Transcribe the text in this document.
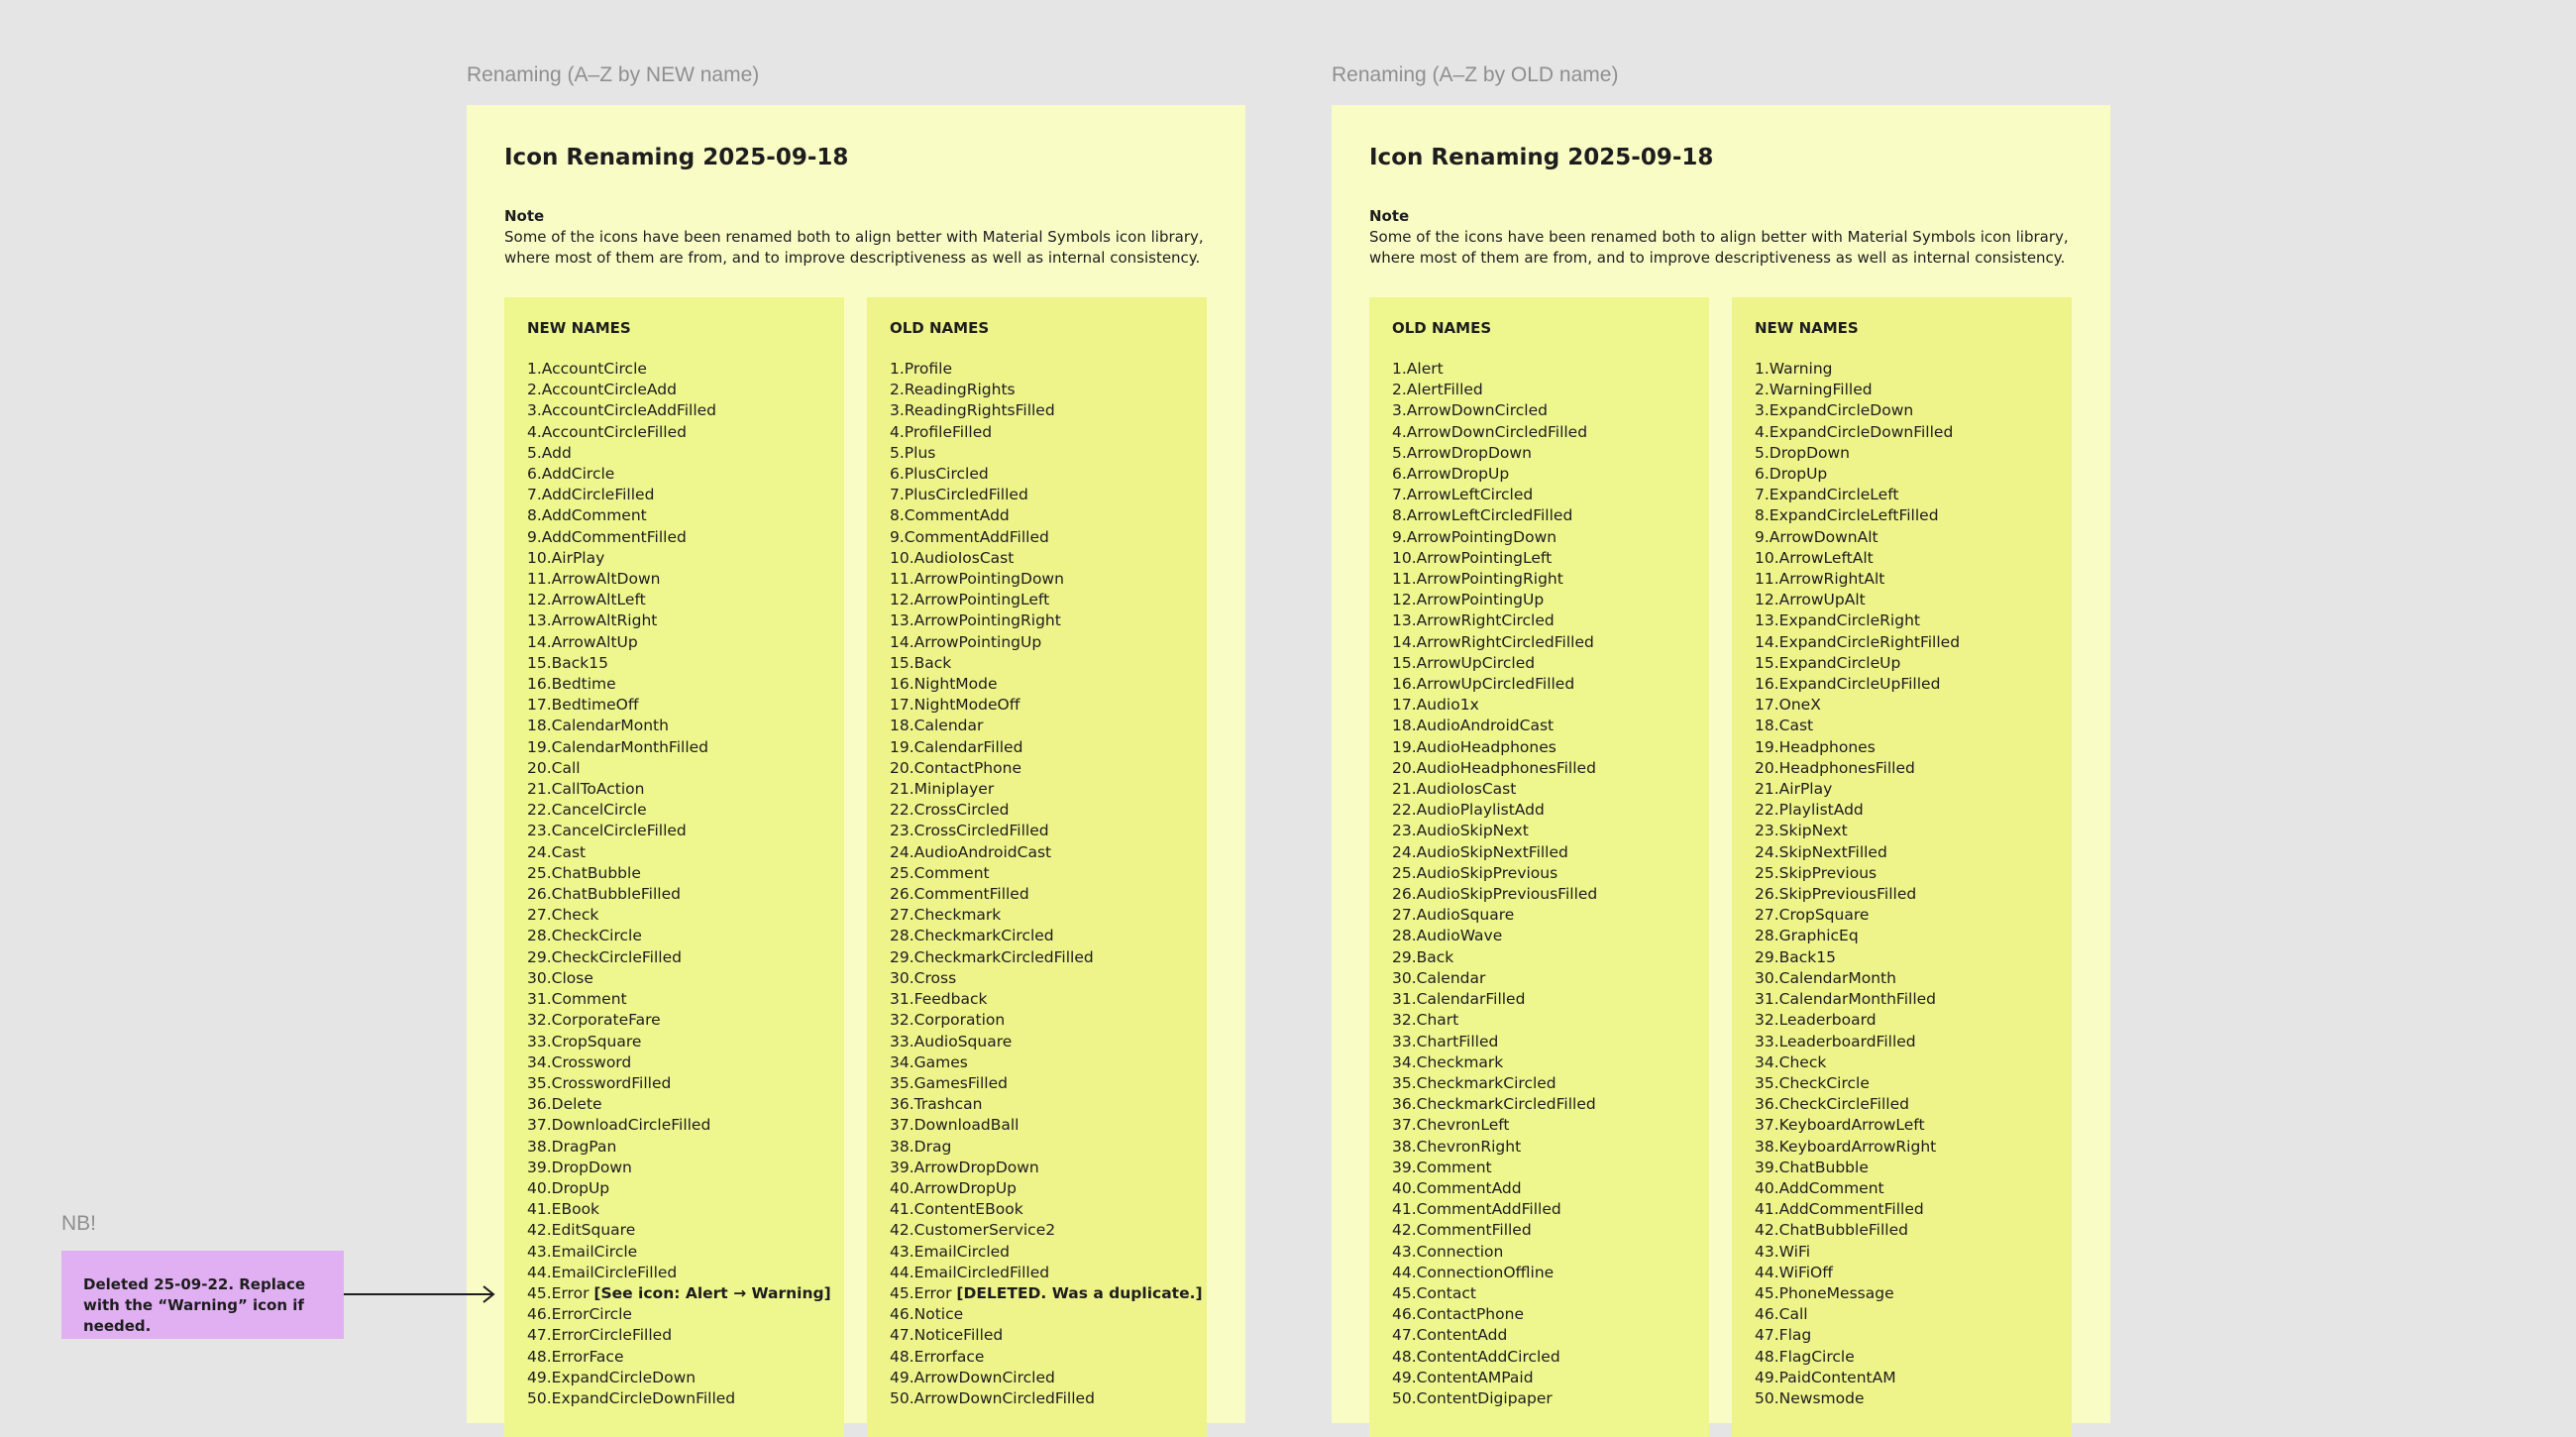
Renaming (A–Z by NEW name)
Icon Renaming 2025-09-18
Note
Some of the icons have been renamed both to align better with Material Symbols icon library, where most of them are from, and to improve descriptiveness as well as internal consistency.
NEW NAMES
1.AccountCircle
2.AccountCircleAdd
3.AccountCircleAddFilled
4.AccountCircleFilled
5.Add
6.AddCircle
7.AddCircleFilled
8.AddComment
9.AddCommentFilled
10.AirPlay
11.ArrowAltDown
12.ArrowAltLeft
13.ArrowAltRight
14.ArrowAltUp
15.Back15
16.Bedtime
17.BedtimeOff
18.CalendarMonth
19.CalendarMonthFilled
20.Call
21.CallToAction
22.CancelCircle
23.CancelCircleFilled
24.Cast
25.ChatBubble
26.ChatBubbleFilled
27.Check
28.CheckCircle
29.CheckCircleFilled
30.Close
31.Comment
32.CorporateFare
33.CropSquare
34.Crossword
35.CrosswordFilled
36.Delete
37.DownloadCircleFilled
38.DragPan
39.DropDown
40.DropUp
41.EBook
42.EditSquare
43.EmailCircle
44.EmailCircleFilled
45.Error [See icon: Alert → Warning]
46.ErrorCircle
47.ErrorCircleFilled
48.ErrorFace
49.ExpandCircleDown
50.ExpandCircleDownFilled
OLD NAMES
1.Profile
2.ReadingRights
3.ReadingRightsFilled
4.ProfileFilled
5.Plus
6.PlusCircled
7.PlusCircledFilled
8.CommentAdd
9.CommentAddFilled
10.AudioIosCast
11.ArrowPointingDown
12.ArrowPointingLeft
13.ArrowPointingRight
14.ArrowPointingUp
15.Back
16.NightMode
17.NightModeOff
18.Calendar
19.CalendarFilled
20.ContactPhone
21.Miniplayer
22.CrossCircled
23.CrossCircledFilled
24.AudioAndroidCast
25.Comment
26.CommentFilled
27.Checkmark
28.CheckmarkCircled
29.CheckmarkCircledFilled
30.Cross
31.Feedback
32.Corporation
33.AudioSquare
34.Games
35.GamesFilled
36.Trashcan
37.DownloadBall
38.Drag
39.ArrowDropDown
40.ArrowDropUp
41.ContentEBook
42.CustomerService2
43.EmailCircled
44.EmailCircledFilled
45.Error [DELETED. Was a duplicate.]
46.Notice
47.NoticeFilled
48.Errorface
49.ArrowDownCircled
50.ArrowDownCircledFilled
Renaming (A–Z by OLD name)
Icon Renaming 2025-09-18
Note
Some of the icons have been renamed both to align better with Material Symbols icon library, where most of them are from, and to improve descriptiveness as well as internal consistency.
OLD NAMES
1.Alert
2.AlertFilled
3.ArrowDownCircled
4.ArrowDownCircledFilled
5.ArrowDropDown
6.ArrowDropUp
7.ArrowLeftCircled
8.ArrowLeftCircledFilled
9.ArrowPointingDown
10.ArrowPointingLeft
11.ArrowPointingRight
12.ArrowPointingUp
13.ArrowRightCircled
14.ArrowRightCircledFilled
15.ArrowUpCircled
16.ArrowUpCircledFilled
17.Audio1x
18.AudioAndroidCast
19.AudioHeadphones
20.AudioHeadphonesFilled
21.AudioIosCast
22.AudioPlaylistAdd
23.AudioSkipNext
24.AudioSkipNextFilled
25.AudioSkipPrevious
26.AudioSkipPreviousFilled
27.AudioSquare
28.AudioWave
29.Back
30.Calendar
31.CalendarFilled
32.Chart
33.ChartFilled
34.Checkmark
35.CheckmarkCircled
36.CheckmarkCircledFilled
37.ChevronLeft
38.ChevronRight
39.Comment
40.CommentAdd
41.CommentAddFilled
42.CommentFilled
43.Connection
44.ConnectionOffline
45.Contact
46.ContactPhone
47.ContentAdd
48.ContentAddCircled
49.ContentAMPaid
50.ContentDigipaper
NEW NAMES
1.Warning
2.WarningFilled
3.ExpandCircleDown
4.ExpandCircleDownFilled
5.DropDown
6.DropUp
7.ExpandCircleLeft
8.ExpandCircleLeftFilled
9.ArrowDownAlt
10.ArrowLeftAlt
11.ArrowRightAlt
12.ArrowUpAlt
13.ExpandCircleRight
14.ExpandCircleRightFilled
15.ExpandCircleUp
16.ExpandCircleUpFilled
17.OneX
18.Cast
19.Headphones
20.HeadphonesFilled
21.AirPlay
22.PlaylistAdd
23.SkipNext
24.SkipNextFilled
25.SkipPrevious
26.SkipPreviousFilled
27.CropSquare
28.GraphicEq
29.Back15
30.CalendarMonth
31.CalendarMonthFilled
32.Leaderboard
33.LeaderboardFilled
34.Check
35.CheckCircle
36.CheckCircleFilled
37.KeyboardArrowLeft
38.KeyboardArrowRight
39.ChatBubble
40.AddComment
41.AddCommentFilled
42.ChatBubbleFilled
43.WiFi
44.WiFiOff
45.PhoneMessage
46.Call
47.Flag
48.FlagCircle
49.PaidContentAM
50.Newsmode
NB!
Deleted 25-09-22. Replace with the “Warning” icon if needed.
